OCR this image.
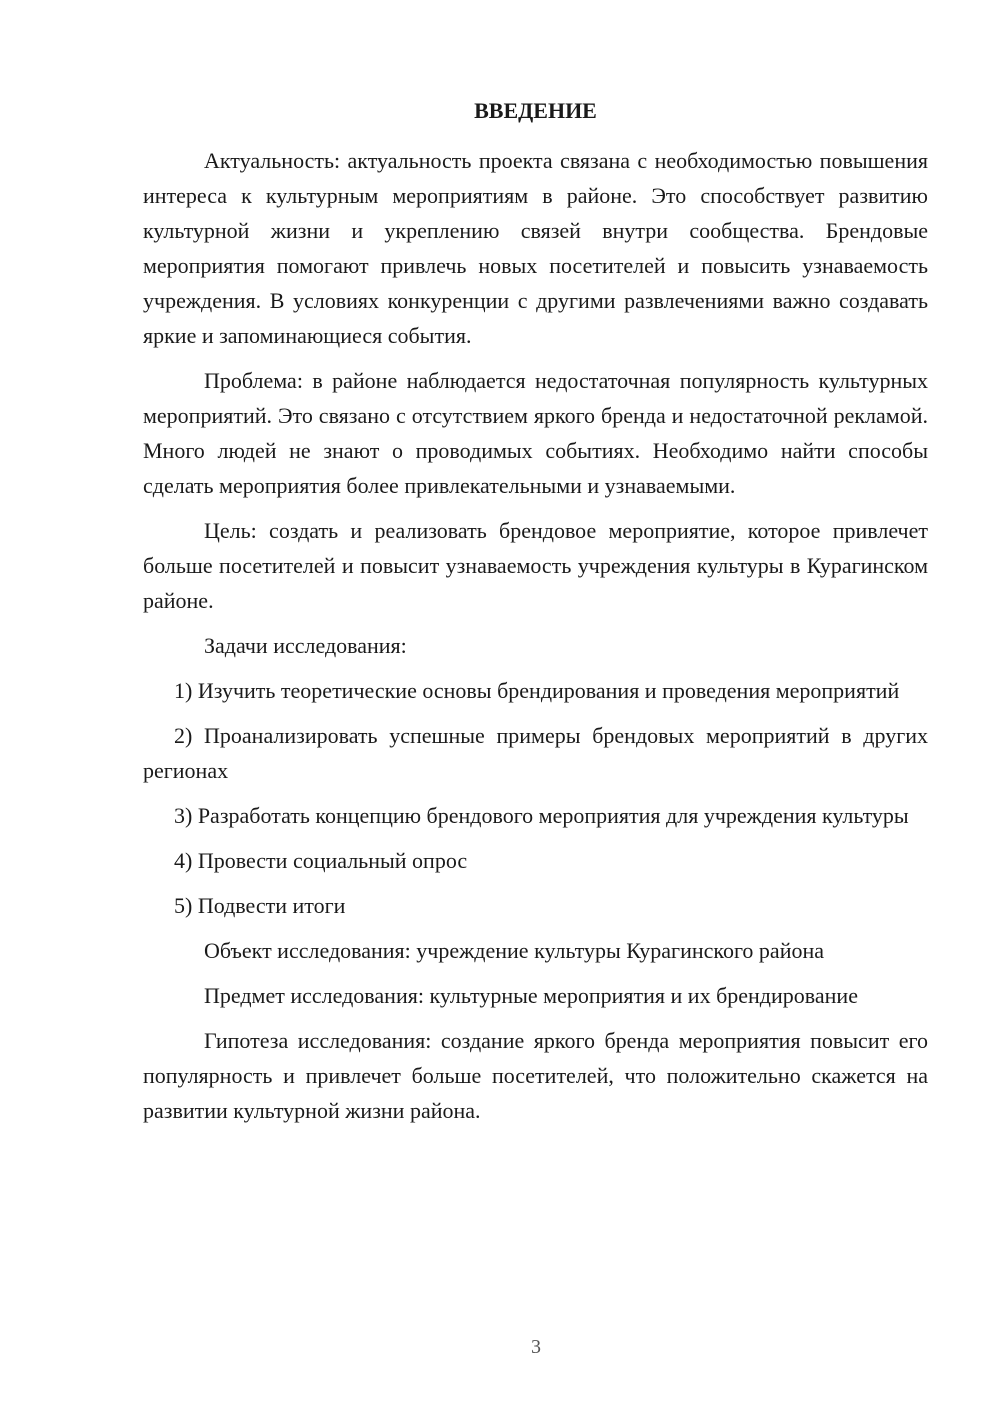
ВВЕДЕНИЕ

Актуальность: актуальность проекта связана с необходимостью повышения интереса к культурным мероприятиям в районе. Это способствует развитию культурной жизни и укреплению связей внутри сообщества. Брендовые мероприятия помогают привлечь новых посетителей и повысить узнаваемость учреждения. В условиях конкуренции с другими развлечениями важно создавать яркие и запоминающиеся события.

Проблема: в районе наблюдается недостаточная популярность культурных мероприятий. Это связано с отсутствием яркого бренда и недостаточной рекламой. Много людей не знают о проводимых событиях. Необходимо найти способы сделать мероприятия более привлекательными и узнаваемыми.

Цель: создать и реализовать брендовое мероприятие, которое привлечет больше посетителей и повысит узнаваемость учреждения культуры в Курагинском районе.

Задачи исследования:

1) Изучить теоретические основы брендирования и проведения мероприятий

2) Проанализировать успешные примеры брендовых мероприятий в других регионах

3) Разработать концепцию брендового мероприятия для учреждения культуры

4) Провести социальный опрос

5) Подвести итоги

Объект исследования: учреждение культуры Курагинского района

Предмет исследования: культурные мероприятия и их брендирование

Гипотеза исследования: создание яркого бренда мероприятия повысит его популярность и привлечет больше посетителей, что положительно скажется на развитии культурной жизни района.

3
